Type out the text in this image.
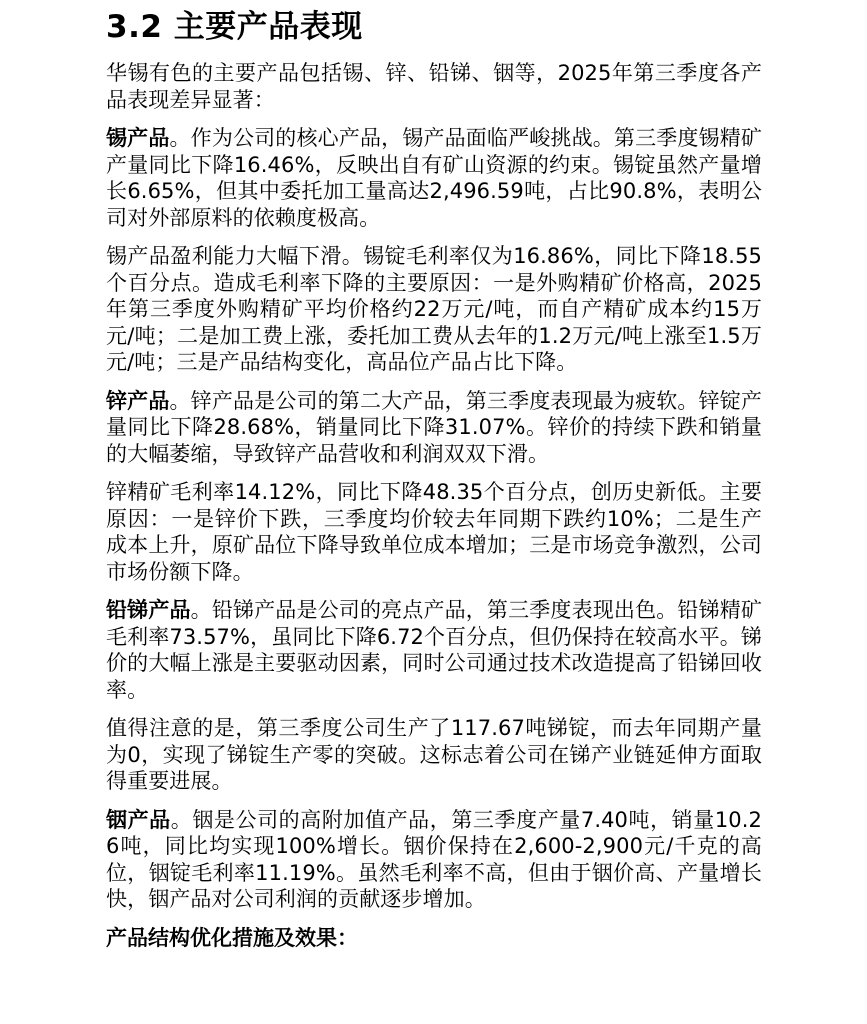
3.2 主要产品表现

华锡有色的主要产品包括锡、锌、铅锑、铟等，2025年第三季度各产品表现差异显著：

锡产品。作为公司的核心产品，锡产品面临严峻挑战。第三季度锡精矿产量同比下降16.46%，反映出自有矿山资源的约束。锡锭虽然产量增长6.65%，但其中委托加工量高达2,496.59吨，占比90.8%，表明公司对外部原料的依赖度极高。

锡产品盈利能力大幅下滑。锡锭毛利率仅为16.86%，同比下降18.55个百分点。造成毛利率下降的主要原因：一是外购精矿价格高，2025年第三季度外购精矿平均价格约22万元/吨，而自产精矿成本约15万元/吨；二是加工费上涨，委托加工费从去年的1.2万元/吨上涨至1.5万元/吨；三是产品结构变化，高品位产品占比下降。

锌产品。锌产品是公司的第二大产品，第三季度表现最为疲软。锌锭产量同比下降28.68%，销量同比下降31.07%。锌价的持续下跌和销量的大幅萎缩，导致锌产品营收和利润双双下滑。

锌精矿毛利率14.12%，同比下降48.35个百分点，创历史新低。主要原因：一是锌价下跌，三季度均价较去年同期下跌约10%；二是生产成本上升，原矿品位下降导致单位成本增加；三是市场竞争激烈，公司市场份额下降。

铅锑产品。铅锑产品是公司的亮点产品，第三季度表现出色。铅锑精矿毛利率73.57%，虽同比下降6.72个百分点，但仍保持在较高水平。锑价的大幅上涨是主要驱动因素，同时公司通过技术改造提高了铅锑回收率。

值得注意的是，第三季度公司生产了117.67吨锑锭，而去年同期产量为0，实现了锑锭生产零的突破。这标志着公司在锑产业链延伸方面取得重要进展。

铟产品。铟是公司的高附加值产品，第三季度产量7.40吨，销量10.26吨，同比均实现100%增长。铟价保持在2,600-2,900元/千克的高位，铟锭毛利率11.19%。虽然毛利率不高，但由于铟价高、产量增长快，铟产品对公司利润的贡献逐步增加。

产品结构优化措施及效果：
